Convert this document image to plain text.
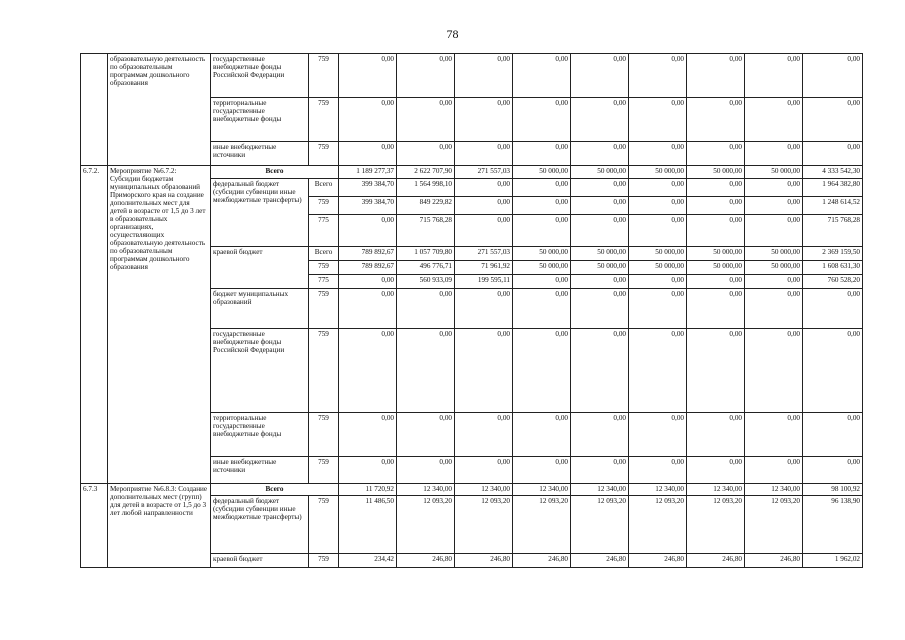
78
	образовательную деятельность по образовательным программам дошкольного образования	государственные внебюджетные фонды Российской Федерации	759	0,00	0,00	0,00	0,00	0,00	0,00	0,00	0,00	0,00
		территориальные государственные внебюджетные фонды	759	0,00	0,00	0,00	0,00	0,00	0,00	0,00	0,00	0,00
		иные внебюджетные источники	759	0,00	0,00	0,00	0,00	0,00	0,00	0,00	0,00	0,00
6.7.2.	Мероприятие №6.7.2: Субсидии бюджетам муниципальных образований Приморского края на создание дополнительных мест для детей в возрасте от 1,5 до 3 лет в образовательных организациях, осуществляющих образовательную деятельность по образовательным программам дошкольного образования	Всего		1 189 277,37	2 622 707,90	271 557,03	50 000,00	50 000,00	50 000,00	50 000,00	50 000,00	4 333 542,30
		федеральный бюджет (субсидии субвенции иные межбюджетные трансферты)	Всего	399 384,70	1 564 998,10	0,00	0,00	0,00	0,00	0,00	0,00	1 964 382,80
			759	399 384,70	849 229,82	0,00	0,00	0,00	0,00	0,00	0,00	1 248 614,52
			775	0,00	715 768,28	0,00	0,00	0,00	0,00	0,00	0,00	715 768,28
		краевой бюджет	Всего	789 892,67	1 057 709,80	271 557,03	50 000,00	50 000,00	50 000,00	50 000,00	50 000,00	2 369 159,50
			759	789 892,67	496 776,71	71 961,92	50 000,00	50 000,00	50 000,00	50 000,00	50 000,00	1 608 631,30
			775	0,00	560 933,09	199 595,11	0,00	0,00	0,00	0,00	0,00	760 528,20
		бюджет муниципальных образований	759	0,00	0,00	0,00	0,00	0,00	0,00	0,00	0,00	0,00
		государственные внебюджетные фонды Российской Федерации	759	0,00	0,00	0,00	0,00	0,00	0,00	0,00	0,00	0,00
		территориальные государственные внебюджетные фонды	759	0,00	0,00	0,00	0,00	0,00	0,00	0,00	0,00	0,00
		иные внебюджетные источники	759	0,00	0,00	0,00	0,00	0,00	0,00	0,00	0,00	0,00
6.7.3	Мероприятие №6.8.3: Создание дополнительных мест (групп) для детей в возрасте от 1,5 до 3 лет любой направленности	Всего		11 720,92	12 340,00	12 340,00	12 340,00	12 340,00	12 340,00	12 340,00	12 340,00	98 100,92
		федеральный бюджет (субсидии субвенции иные межбюджетные трансферты)	759	11 486,50	12 093,20	12 093,20	12 093,20	12 093,20	12 093,20	12 093,20	12 093,20	96 138,90
		краевой бюджет	759	234,42	246,80	246,80	246,80	246,80	246,80	246,80	246,80	1 962,02
